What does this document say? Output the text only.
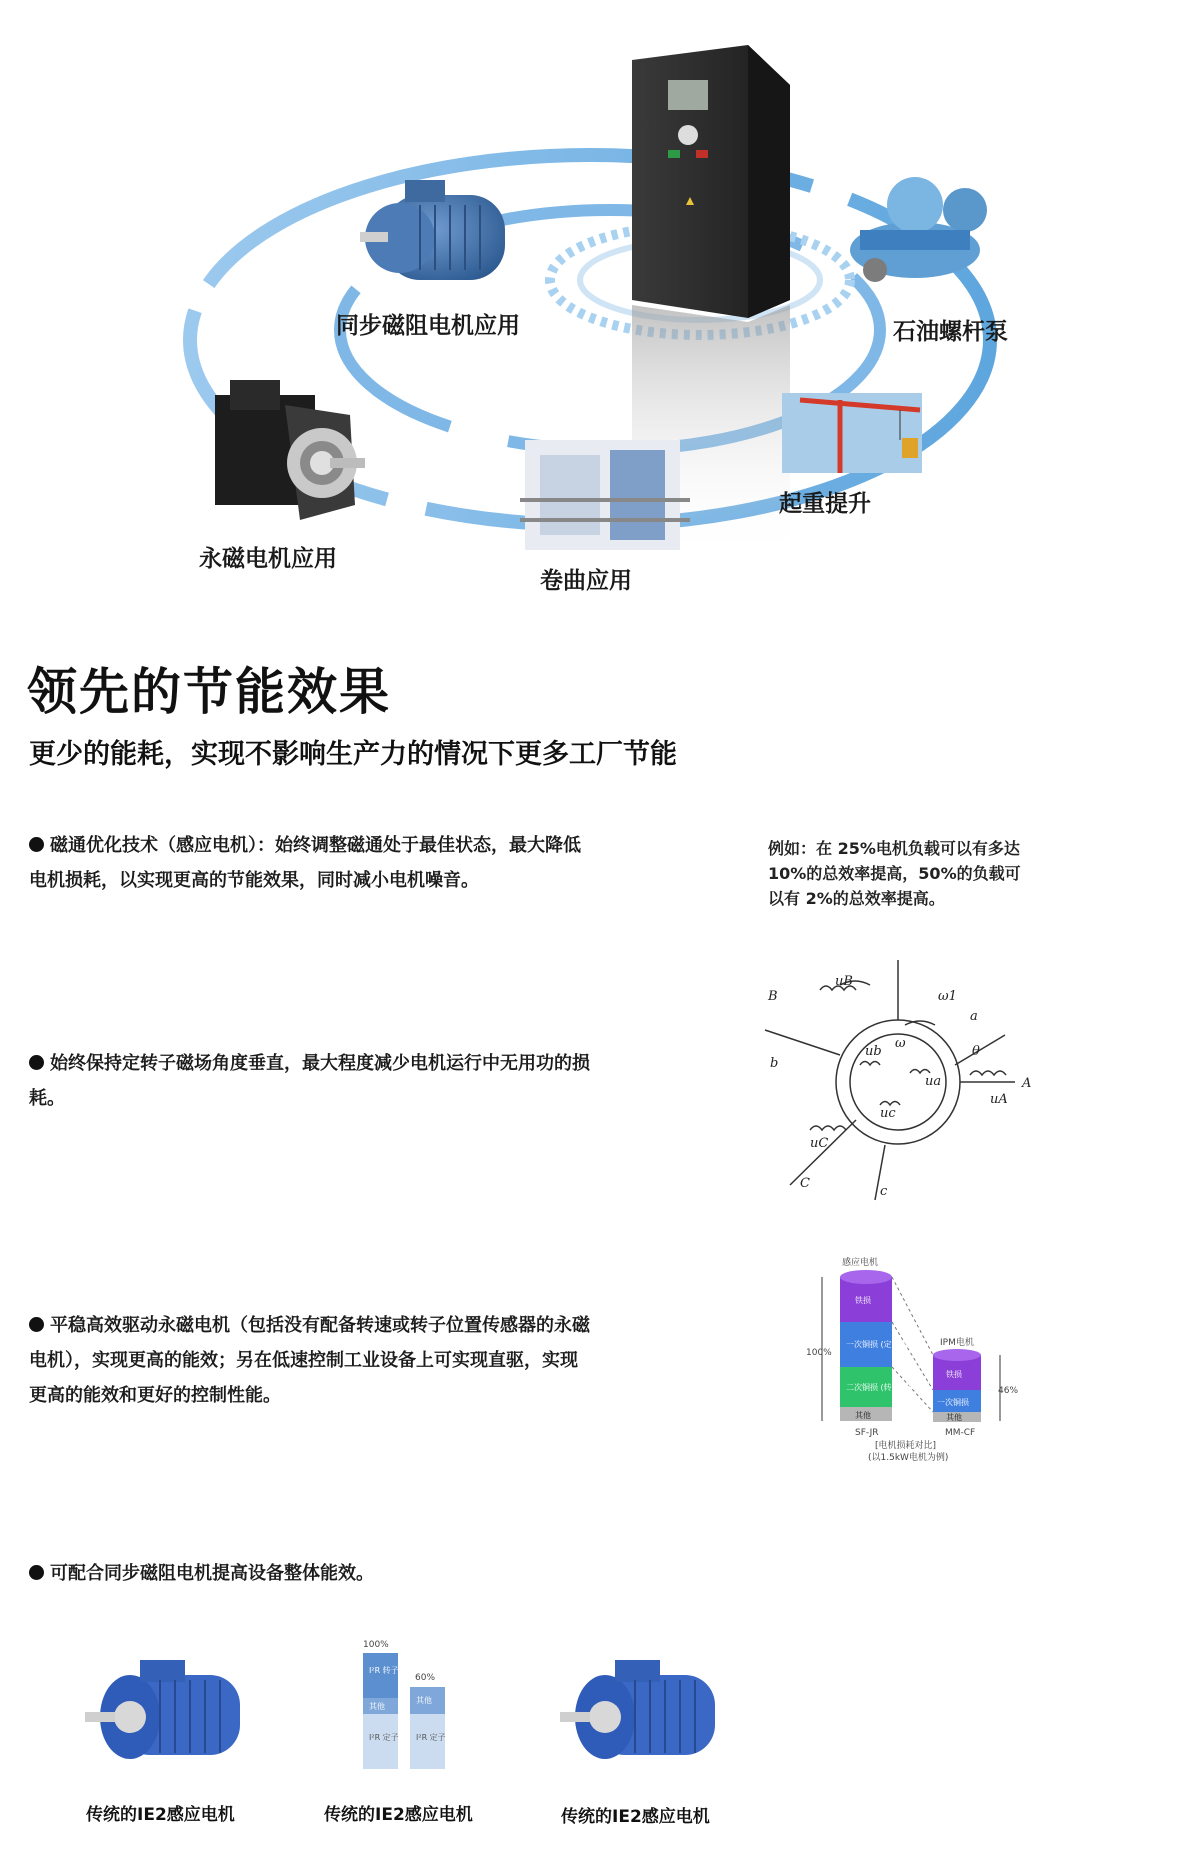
同步磁阻电机应用	石油螺杆泵
永磁电机应用
卷曲应用
起重提升
领先的节能效果
更少的能耗，实现不影响生产力的情况下更多工厂节能
磁通优化技术（感应电机）：始终调整磁通处于最佳状态，最大降低电机损耗，以实现更高的节能效果，同时减小电机噪音。
例如：在 25%电机负载可以有多达 10%的总效率提高，50%的负载可以有 2%的总效率提高。
始终保持定转子磁场角度垂直，最大程度减少电机运行中无用功的损耗。
B
uB
ω1
a
ω
θ
b
ub
ua
uA
A
uc
C
c
uC
平稳高效驱动永磁电机（包括没有配备转速或转子位置传感器的永磁电机），实现更高的能效；另在低速控制工业设备上可实现直驱，实现更高的能效和更好的控制性能。
感应电机
IPM电机
100%
46%
铁损
一次铜损 (定子侧)
二次铜损 (转子侧)
其他
铁损
一次铜损
其他
SF-JR	MM-CF
[电机损耗对比]
(以1.5kW电机为例)
可配合同步磁阻电机提高设备整体能效。
100%
60%
I²R 转子
其他
I²R 定子
其他
I²R 定子
传统的IE2感应电机	传统的IE2感应电机	传统的IE2感应电机
